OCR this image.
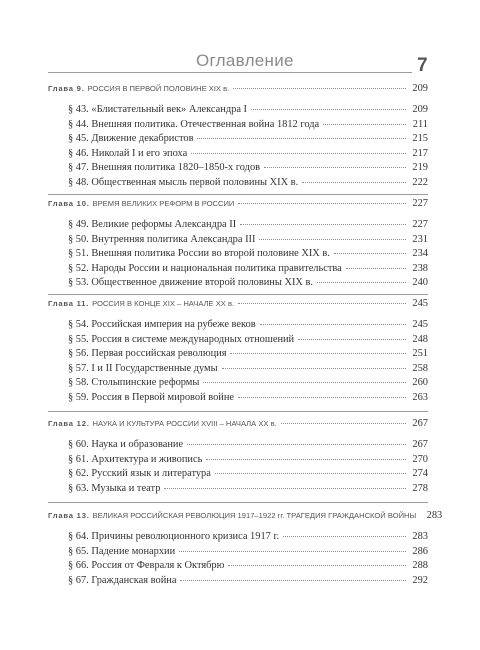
Оглавление	7
Глава 9. РОССИЯ В ПЕРВОЙ ПОЛОВИНЕ XIX в.	209
§ 43. «Блистательный век» Александра I	209
§ 44. Внешняя политика. Отечественная война 1812 года	211
§ 45. Движение декабристов	215
§ 46. Николай I и его эпоха	217
§ 47. Внешняя политика 1820–1850-х годов	219
§ 48. Общественная мысль первой половины XIX в.	222
Глава 10. ВРЕМЯ ВЕЛИКИХ РЕФОРМ В РОССИИ	227
§ 49. Великие реформы Александра II	227
§ 50. Внутренняя политика Александра III	231
§ 51. Внешняя политика России во второй половине XIX в.	234
§ 52. Народы России и национальная политика правительства	238
§ 53. Общественное движение второй половины XIX в.	240
Глава 11. РОССИЯ В КОНЦЕ XIX – НАЧАЛЕ XX в.	245
§ 54. Российская империя на рубеже веков	245
§ 55. Россия в системе международных отношений	248
§ 56. Первая российская революция	251
§ 57. I и II Государственные думы	258
§ 58. Столыпинские реформы	260
§ 59. Россия в Первой мировой войне	263
Глава 12. НАУКА И КУЛЬТУРА РОССИИ XVIII – НАЧАЛА XX в.	267
§ 60. Наука и образование	267
§ 61. Архитектура и живопись	270
§ 62. Русский язык и литература	274
§ 63. Музыка и театр	278
Глава 13. ВЕЛИКАЯ РОССИЙСКАЯ РЕВОЛЮЦИЯ 1917–1922 гг. ТРАГЕДИЯ ГРАЖДАНСКОЙ ВОЙНЫ 283
§ 64. Причины революционного кризиса 1917 г.	283
§ 65. Падение монархии	286
§ 66. Россия от Февраля к Октябрю	288
§ 67. Гражданская война	292
